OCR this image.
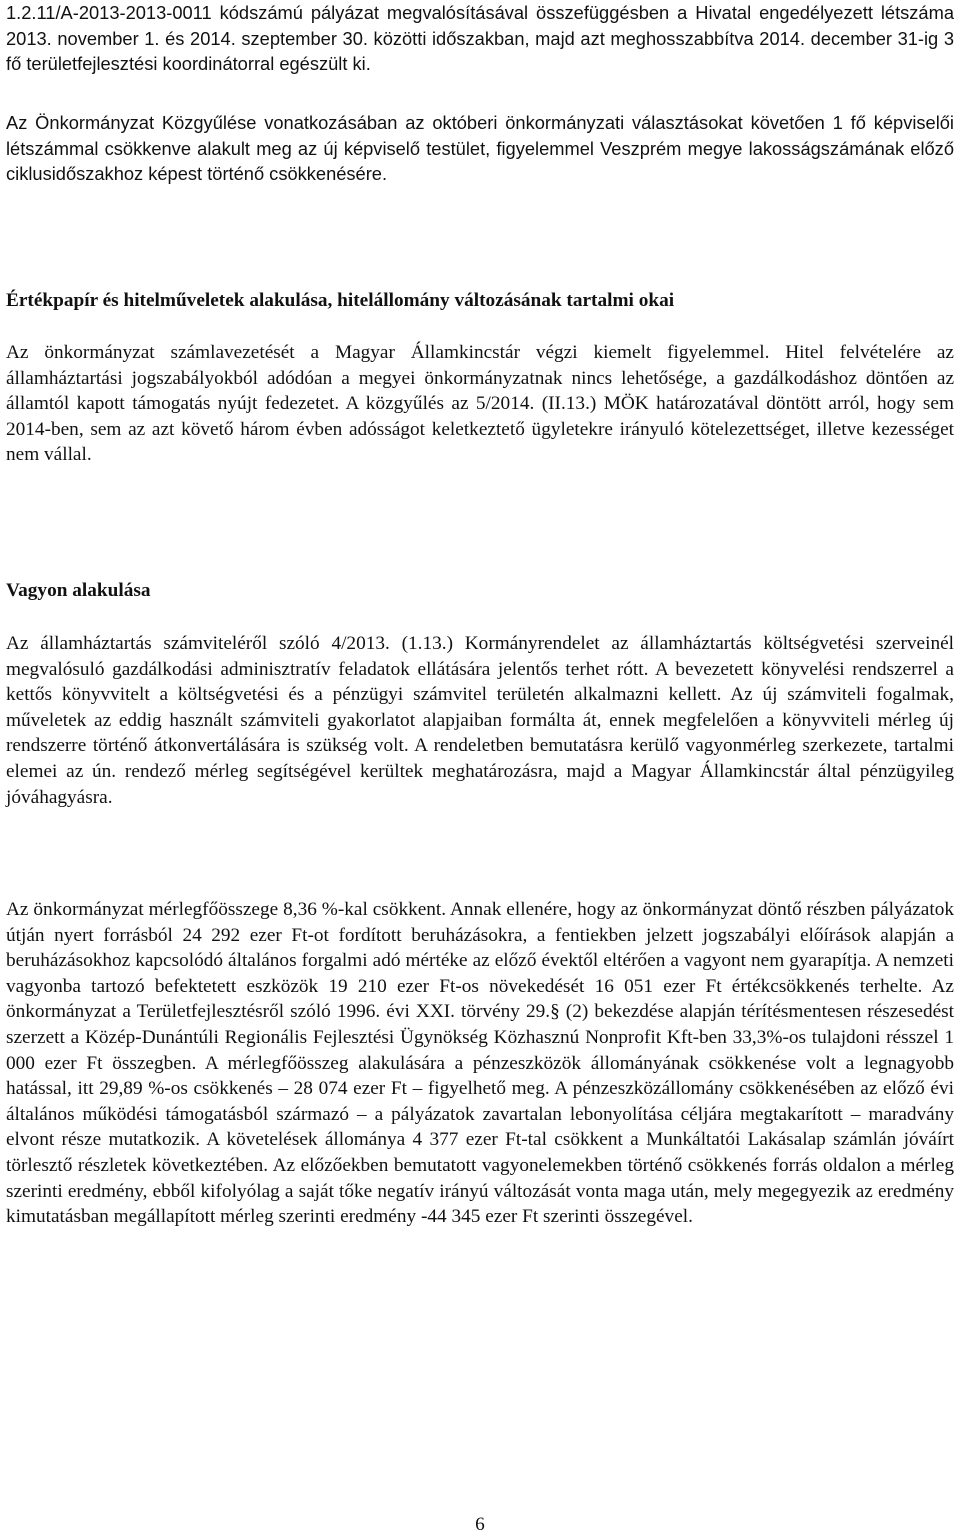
1.2.11/A-2013-2013-0011 kódszámú pályázat megvalósításával összefüggésben a Hivatal engedélyezett létszáma 2013. november 1. és 2014. szeptember 30. közötti időszakban, majd azt meghosszabbítva 2014. december 31-ig 3 fő területfejlesztési koordinátorral egészült ki.

Az Önkormányzat Közgyűlése vonatkozásában az októberi önkormányzati választásokat követően 1 fő képviselői létszámmal csökkenve alakult meg az új képviselő testület, figyelemmel Veszprém megye lakosságszámának előző ciklusidőszakhoz képest történő csökkenésére.

Értékpapír és hitelműveletek alakulása, hitelállomány változásának tartalmi okai

Az önkormányzat számlavezetését a Magyar Államkincstár végzi kiemelt figyelemmel. Hitel felvételére az államháztartási jogszabályokból adódóan a megyei önkormányzatnak nincs lehetősége, a gazdálkodáshoz döntően az államtól kapott támogatás nyújt fedezetet. A közgyűlés az 5/2014. (II.13.) MÖK határozatával döntött arról, hogy sem 2014-ben, sem az azt követő három évben adósságot keletkeztető ügyletekre irányuló kötelezettséget, illetve kezességet nem vállal.

Vagyon alakulása

Az államháztartás számviteléről szóló 4/2013. (1.13.) Kormányrendelet az államháztartás költségvetési szerveinél megvalósuló gazdálkodási adminisztratív feladatok ellátására jelentős terhet rótt. A bevezetett könyvelési rendszerrel a kettős könyvvitelt a költségvetési és a pénzügyi számvitel területén alkalmazni kellett. Az új számviteli fogalmak, műveletek az eddig használt számviteli gyakorlatot alapjaiban formálta át, ennek megfelelően a könyvviteli mérleg új rendszerre történő átkonvertálására is szükség volt. A rendeletben bemutatásra kerülő vagyonmérleg szerkezete, tartalmi elemei az ún. rendező mérleg segítségével kerültek meghatározásra, majd a Magyar Államkincstár által pénzügyileg jóváhagyásra.

Az önkormányzat mérlegfőösszege 8,36 %-kal csökkent. Annak ellenére, hogy az önkormányzat döntő részben pályázatok útján nyert forrásból 24 292 ezer Ft-ot fordított beruházásokra, a fentiekben jelzett jogszabályi előírások alapján a beruházásokhoz kapcsolódó általános forgalmi adó mértéke az előző évektől eltérően a vagyont nem gyarapítja. A nemzeti vagyonba tartozó befektetett eszközök 19 210 ezer Ft-os növekedését 16 051 ezer Ft értékcsökkenés terhelte. Az önkormányzat a Területfejlesztésről szóló 1996. évi XXI. törvény 29.§ (2) bekezdése alapján térítésmentesen részesedést szerzett a Közép-Dunántúli Regionális Fejlesztési Ügynökség Közhasznú Nonprofit Kft-ben 33,3%-os tulajdoni résszel 1 000 ezer Ft összegben. A mérlegfőösszeg alakulására a pénzeszközök állományának csökkenése volt a legnagyobb hatással, itt 29,89 %-os csökkenés – 28 074 ezer Ft – figyelhető meg. A pénzeszközállomány csökkenésében az előző évi általános működési támogatásból származó – a pályázatok zavartalan lebonyolítása céljára megtakarított – maradvány elvont része mutatkozik. A követelések állománya 4 377 ezer Ft-tal csökkent a Munkáltatói Lakásalap számlán jóváírt törlesztő részletek következtében. Az előzőekben bemutatott vagyonelemekben történő csökkenés forrás oldalon a mérleg szerinti eredmény, ebből kifolyólag a saját tőke negatív irányú változását vonta maga után, mely megegyezik az eredmény kimutatásban megállapított mérleg szerinti eredmény -44 345 ezer Ft szerinti összegével.

6
